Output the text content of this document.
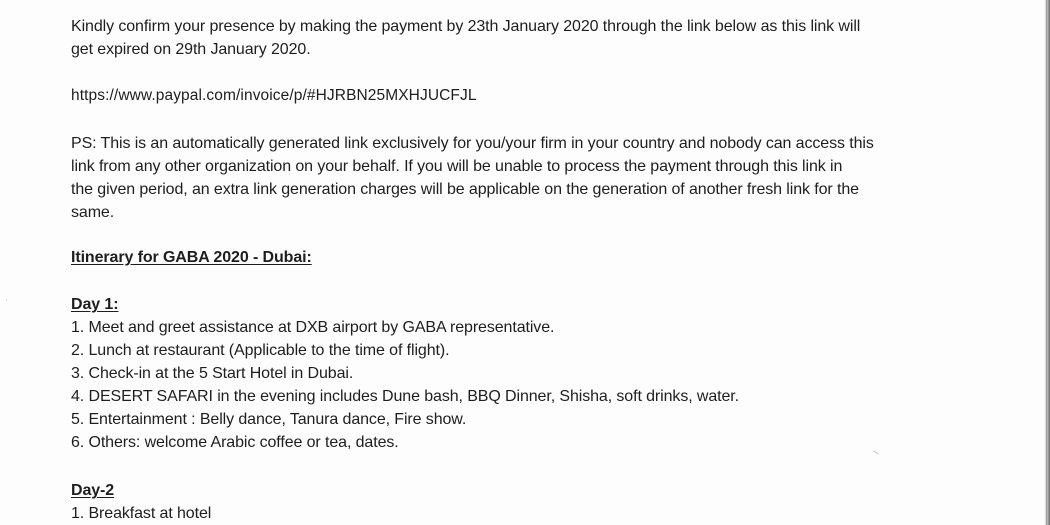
Kindly confirm your presence by making the payment by 23th January 2020 through the link below as this link will
get expired on 29th January 2020.

https://www.paypal.com/invoice/p/#HJRBN25MXHJUCFJL

PS: This is an automatically generated link exclusively for you/your firm in your country and nobody can access this
link from any other organization on your behalf. If you will be unable to process the payment through this link in
the given period, an extra link generation charges will be applicable on the generation of another fresh link for the
same.

Itinerary for GABA 2020 - Dubai:

Day 1:
1. Meet and greet assistance at DXB airport by GABA representative.
2. Lunch at restaurant (Applicable to the time of flight).
3. Check-in at the 5 Start Hotel in Dubai.
4. DESERT SAFARI in the evening includes Dune bash, BBQ Dinner, Shisha, soft drinks, water.
5. Entertainment : Belly dance, Tanura dance, Fire show.
6. Others: welcome Arabic coffee or tea, dates.
Day-2
1. Breakfast at hotel
